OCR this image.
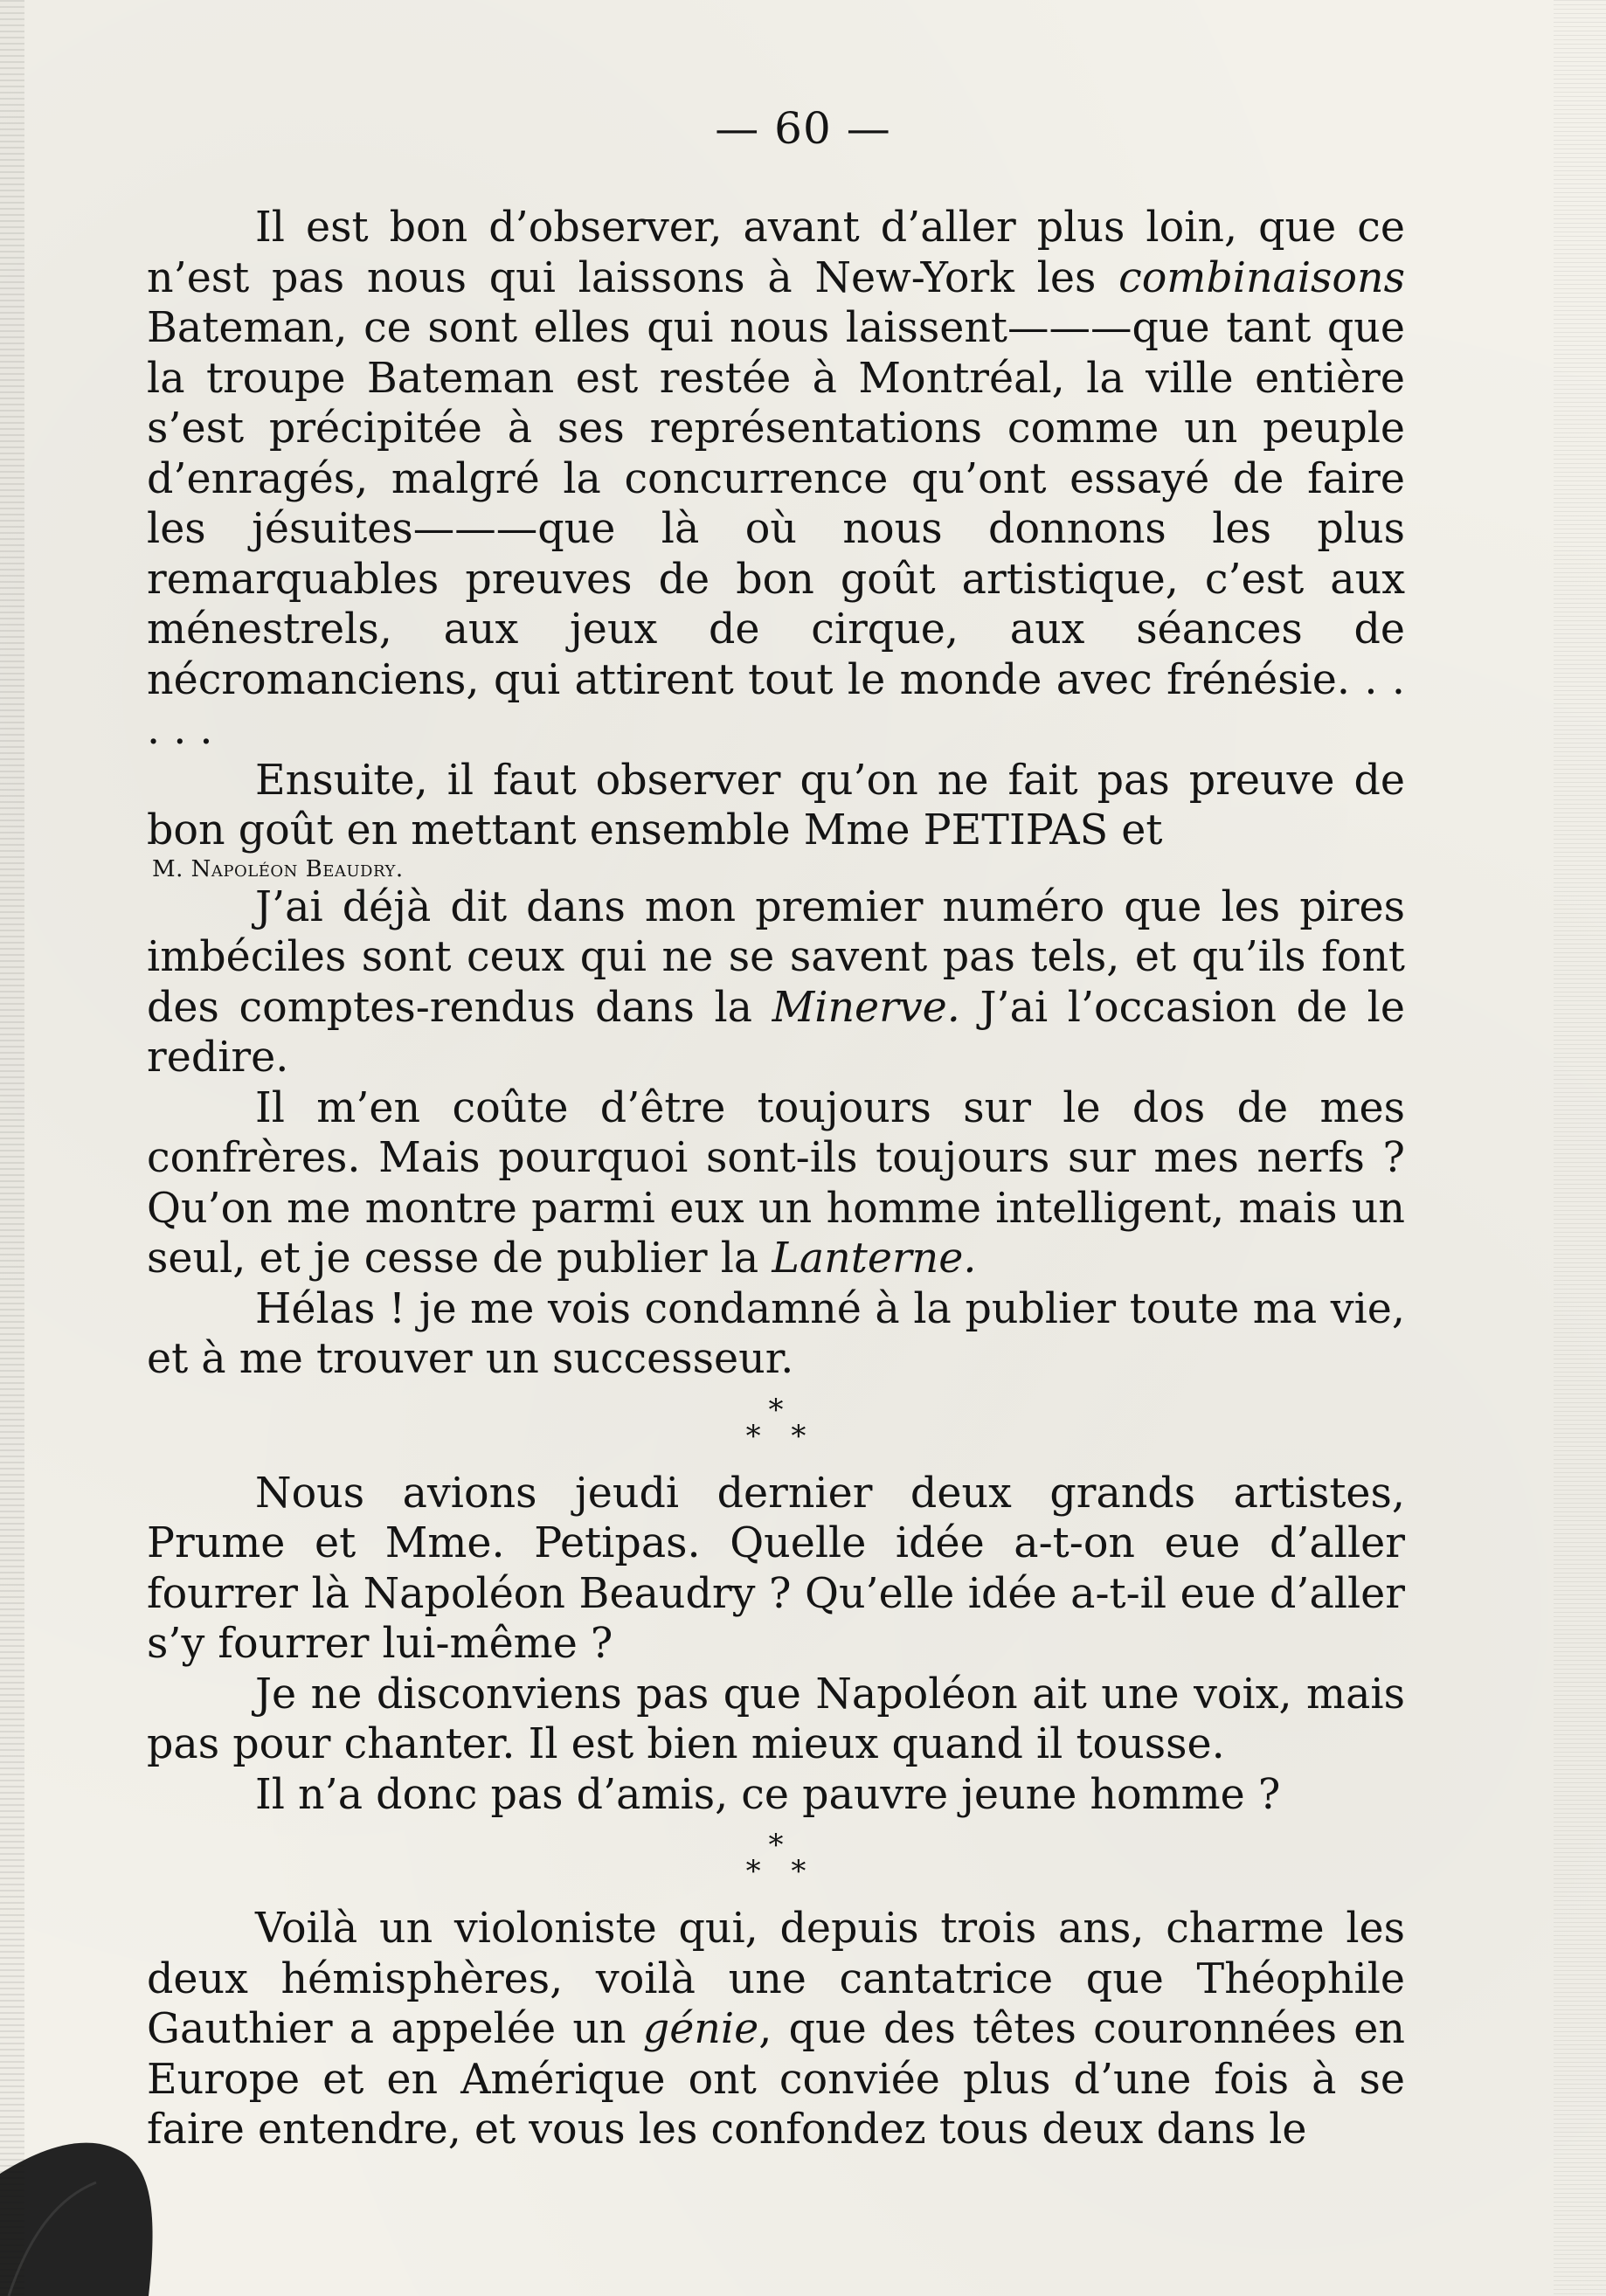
— 60 —

Il est bon d’observer, avant d’aller plus loin, que ce n’est pas nous qui laissons à New-York les combinaisons Bateman, ce sont elles qui nous laissent———que tant que la troupe Bateman est restée à Montréal, la ville entière s’est précipitée à ses représentations comme un peuple d’enragés, malgré la concurrence qu’ont essayé de faire les jésuites———que là où nous donnons les plus remarquables preuves de bon goût artistique, c’est aux ménestrels, aux jeux de cirque, aux séances de nécromanciens, qui attirent tout le monde avec frénésie. . . . . .

Ensuite, il faut observer qu’on ne fait pas preuve de bon goût en mettant ensemble Mme PETIPAS et

M. Napoléon Beaudry.

J’ai déjà dit dans mon premier numéro que les pires imbéciles sont ceux qui ne se savent pas tels, et qu’ils font des comptes-rendus dans la Minerve. J’ai l’occasion de le redire.

Il m’en coûte d’être toujours sur le dos de mes confrères. Mais pourquoi sont-ils toujours sur mes nerfs ? Qu’on me montre parmi eux un homme intelligent, mais un seul, et je cesse de publier la Lanterne.

Hélas ! je me vois condamné à la publier toute ma vie, et à me trouver un successeur.

*
* *

Nous avions jeudi dernier deux grands artistes, Prume et Mme. Petipas. Quelle idée a-t-on eue d’aller fourrer là Napoléon Beaudry ? Qu’elle idée a-t-il eue d’aller s’y fourrer lui-même ?

Je ne disconviens pas que Napoléon ait une voix, mais pas pour chanter. Il est bien mieux quand il tousse.

Il n’a donc pas d’amis, ce pauvre jeune homme ?

*
* *

Voilà un violoniste qui, depuis trois ans, charme les deux hémisphères, voilà une cantatrice que Théophile Gauthier a appelée un génie, que des têtes couronnées en Europe et en Amérique ont conviée plus d’une fois à se faire entendre, et vous les confondez tous deux dans le
